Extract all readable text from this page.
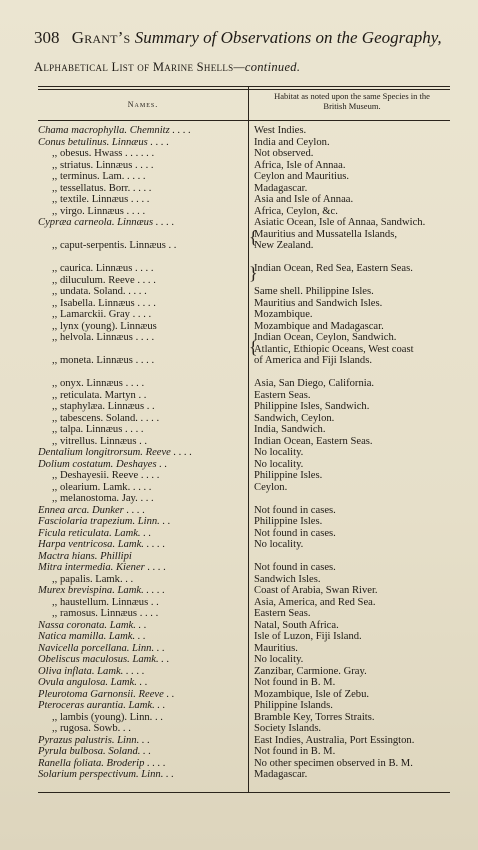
308 Grant’s Summary of Observations on the Geography,
Alphabetical List of Marine Shells—continued.
Names.
Habitat as noted upon the same Species in the
British Museum.
Chama macrophylla. Chemnitz . . . .	West Indies.
Conus betulinus. Linnæus . . . .	India and Ceylon.
,, obesus. Hwass . . . . . .	Not observed.
,, striatus. Linnæus . . . .	Africa, Isle of Annaa.
,, terminus. Lam. . . . .	Ceylon and Mauritius.
,, tessellatus. Borr. . . . .	Madagascar.
,, textile. Linnæus . . . .	Asia and Isle of Annaa.
,, virgo. Linnæus . . . .	Africa, Ceylon, &c.
Cypræa carneola. Linnæus . . . .	Asiatic Ocean, Isle of Annaa, Sandwich.
Mauritius and Mussatella Islands,
,, caput-serpentis. Linnæus . .	New Zealand.
,, caurica. Linnæus . . . .	Indian Ocean, Red Sea, Eastern Seas.
,, diluculum. Reeve . . . .
,, undata. Soland. . . . .	Same shell. Philippine Isles.
,, Isabella. Linnæus . . . .	Mauritius and Sandwich Isles.
,, Lamarckii. Gray . . . .	Mozambique.
,, lynx (young). Linnæus	Mozambique and Madagascar.
,, helvola. Linnæus . . . .	Indian Ocean, Ceylon, Sandwich.
Atlantic, Ethiopic Oceans, West coast
,, moneta. Linnæus . . . .	of America and Fiji Islands.
,, onyx. Linnæus . . . .	Asia, San Diego, California.
,, reticulata. Martyn . .	Eastern Seas.
,, staphylæa. Linnæus . .	Philippine Isles, Sandwich.
,, tabescens. Soland. . . . .	Sandwich, Ceylon.
,, talpa. Linnæus . . . .	India, Sandwich.
,, vitrellus. Linnæus . .	Indian Ocean, Eastern Seas.
Dentalium longitrorsum. Reeve . . . .	No locality.
Dolium costatum. Deshayes . .	No locality.
,, Deshayesii. Reeve . . . .	Philippine Isles.
,, olearium. Lamk. . . . .	Ceylon.
,, melanostoma. Jay. . . .
Ennea arca. Dunker . . . .	Not found in cases.
Fasciolaria trapezium. Linn. . .	Philippine Isles.
Ficula reticulata. Lamk. . .	Not found in cases.
Harpa ventricosa. Lamk. . . . .	No locality.
Mactra hians. Phillipi
Mitra intermedia. Kiener . . . .	Not found in cases.
,, papalis. Lamk. . .	Sandwich Isles.
Murex brevispina. Lamk. . . . .	Coast of Arabia, Swan River.
,, haustellum. Linnæus . .	Asia, America, and Red Sea.
,, ramosus. Linnæus . . . .	Eastern Seas.
Nassa coronata. Lamk. . .	Natal, South Africa.
Natica mamilla. Lamk. . .	Isle of Luzon, Fiji Island.
Navicella porcellana. Linn. . .	Mauritius.
Obeliscus maculosus. Lamk. . .	No locality.
Oliva inflata. Lamk. . . . .	Zanzibar, Carmione. Gray.
Ovula angulosa. Lamk. . .	Not found in B. M.
Pleurotoma Garnonsii. Reeve . .	Mozambique, Isle of Zebu.
Pteroceras aurantia. Lamk. . .	Philippine Islands.
,, lambis (young). Linn. . .	Bramble Key, Torres Straits.
,, rugosa. Sowb. . .	Society Islands.
Pyrazus palustris. Linn. . .	East Indies, Australia, Port Essington.
Pyrula bulbosa. Soland. . .	Not found in B. M.
Ranella foliata. Broderip . . . .	No other specimen observed in B. M.
Solarium perspectivum. Linn. . .	Madagascar.
{
}
{
